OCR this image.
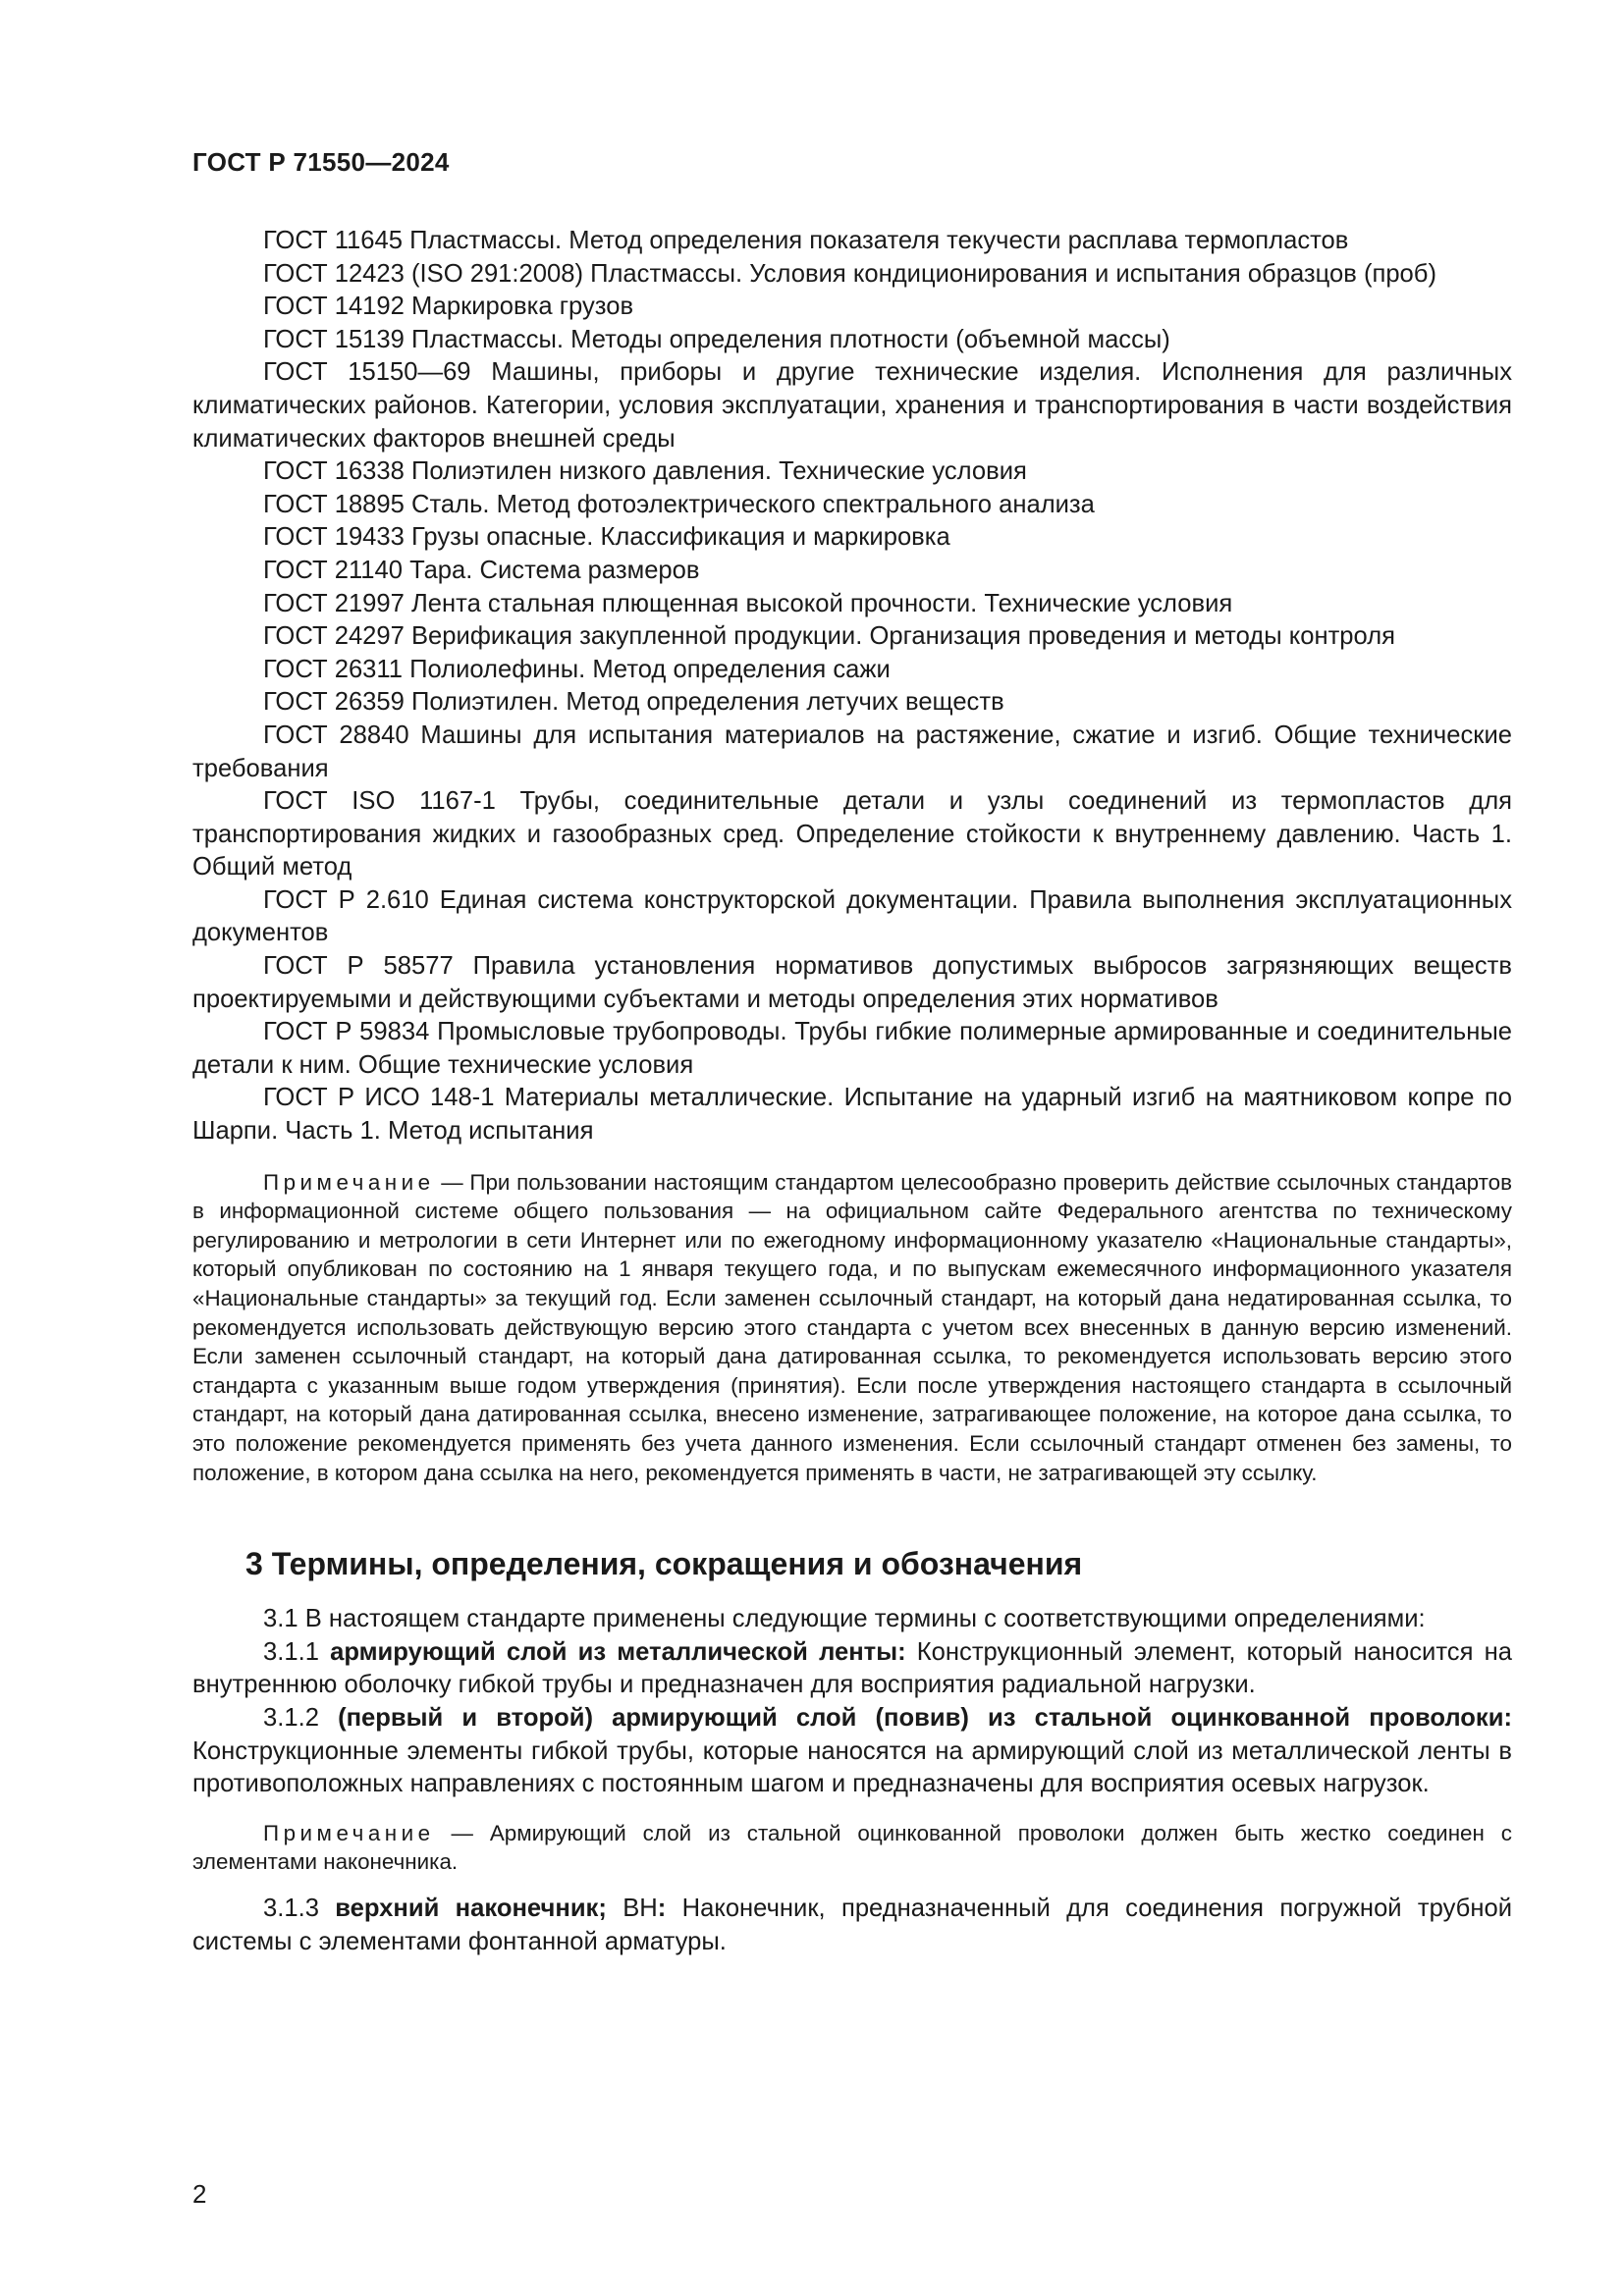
ГОСТ Р 71550—2024

ГОСТ 11645 Пластмассы. Метод определения показателя текучести расплава термопластов

ГОСТ 12423 (ISO 291:2008) Пластмассы. Условия кондиционирования и испытания образцов (проб)

ГОСТ 14192 Маркировка грузов

ГОСТ 15139 Пластмассы. Методы определения плотности (объемной массы)

ГОСТ 15150—69 Машины, приборы и другие технические изделия. Исполнения для различных климатических районов. Категории, условия эксплуатации, хранения и транспортирования в части воздействия климатических факторов внешней среды

ГОСТ 16338 Полиэтилен низкого давления. Технические условия

ГОСТ 18895 Сталь. Метод фотоэлектрического спектрального анализа

ГОСТ 19433 Грузы опасные. Классификация и маркировка

ГОСТ 21140 Тара. Система размеров

ГОСТ 21997 Лента стальная плющенная высокой прочности. Технические условия

ГОСТ 24297 Верификация закупленной продукции. Организация проведения и методы контроля

ГОСТ 26311 Полиолефины. Метод определения сажи

ГОСТ 26359 Полиэтилен. Метод определения летучих веществ

ГОСТ 28840 Машины для испытания материалов на растяжение, сжатие и изгиб. Общие технические требования

ГОСТ ISO 1167-1 Трубы, соединительные детали и узлы соединений из термопластов для транспортирования жидких и газообразных сред. Определение стойкости к внутреннему давлению. Часть 1. Общий метод

ГОСТ Р 2.610 Единая система конструкторской документации. Правила выполнения эксплуатационных документов

ГОСТ Р 58577 Правила установления нормативов допустимых выбросов загрязняющих веществ проектируемыми и действующими субъектами и методы определения этих нормативов

ГОСТ Р 59834 Промысловые трубопроводы. Трубы гибкие полимерные армированные и соединительные детали к ним. Общие технические условия

ГОСТ Р ИСО 148-1 Материалы металлические. Испытание на ударный изгиб на маятниковом копре по Шарпи. Часть 1. Метод испытания

Примечание — При пользовании настоящим стандартом целесообразно проверить действие ссылочных стандартов в информационной системе общего пользования — на официальном сайте Федерального агентства по техническому регулированию и метрологии в сети Интернет или по ежегодному информационному указателю «Национальные стандарты», который опубликован по состоянию на 1 января текущего года, и по выпускам ежемесячного информационного указателя «Национальные стандарты» за текущий год. Если заменен ссылочный стандарт, на который дана недатированная ссылка, то рекомендуется использовать действующую версию этого стандарта с учетом всех внесенных в данную версию изменений. Если заменен ссылочный стандарт, на который дана датированная ссылка, то рекомендуется использовать версию этого стандарта с указанным выше годом утверждения (принятия). Если после утверждения настоящего стандарта в ссылочный стандарт, на который дана датированная ссылка, внесено изменение, затрагивающее положение, на которое дана ссылка, то это положение рекомендуется применять без учета данного изменения. Если ссылочный стандарт отменен без замены, то положение, в котором дана ссылка на него, рекомендуется применять в части, не затрагивающей эту ссылку.

3 Термины, определения, сокращения и обозначения

3.1 В настоящем стандарте применены следующие термины с соответствующими определениями:

3.1.1 армирующий слой из металлической ленты: Конструкционный элемент, который наносится на внутреннюю оболочку гибкой трубы и предназначен для восприятия радиальной нагрузки.

3.1.2 (первый и второй) армирующий слой (повив) из стальной оцинкованной проволоки: Конструкционные элементы гибкой трубы, которые наносятся на армирующий слой из металлической ленты в противоположных направлениях с постоянным шагом и предназначены для восприятия осевых нагрузок.

Примечание — Армирующий слой из стальной оцинкованной проволоки должен быть жестко соединен с элементами наконечника.

3.1.3 верхний наконечник; ВН: Наконечник, предназначенный для соединения погружной трубной системы с элементами фонтанной арматуры.

2
